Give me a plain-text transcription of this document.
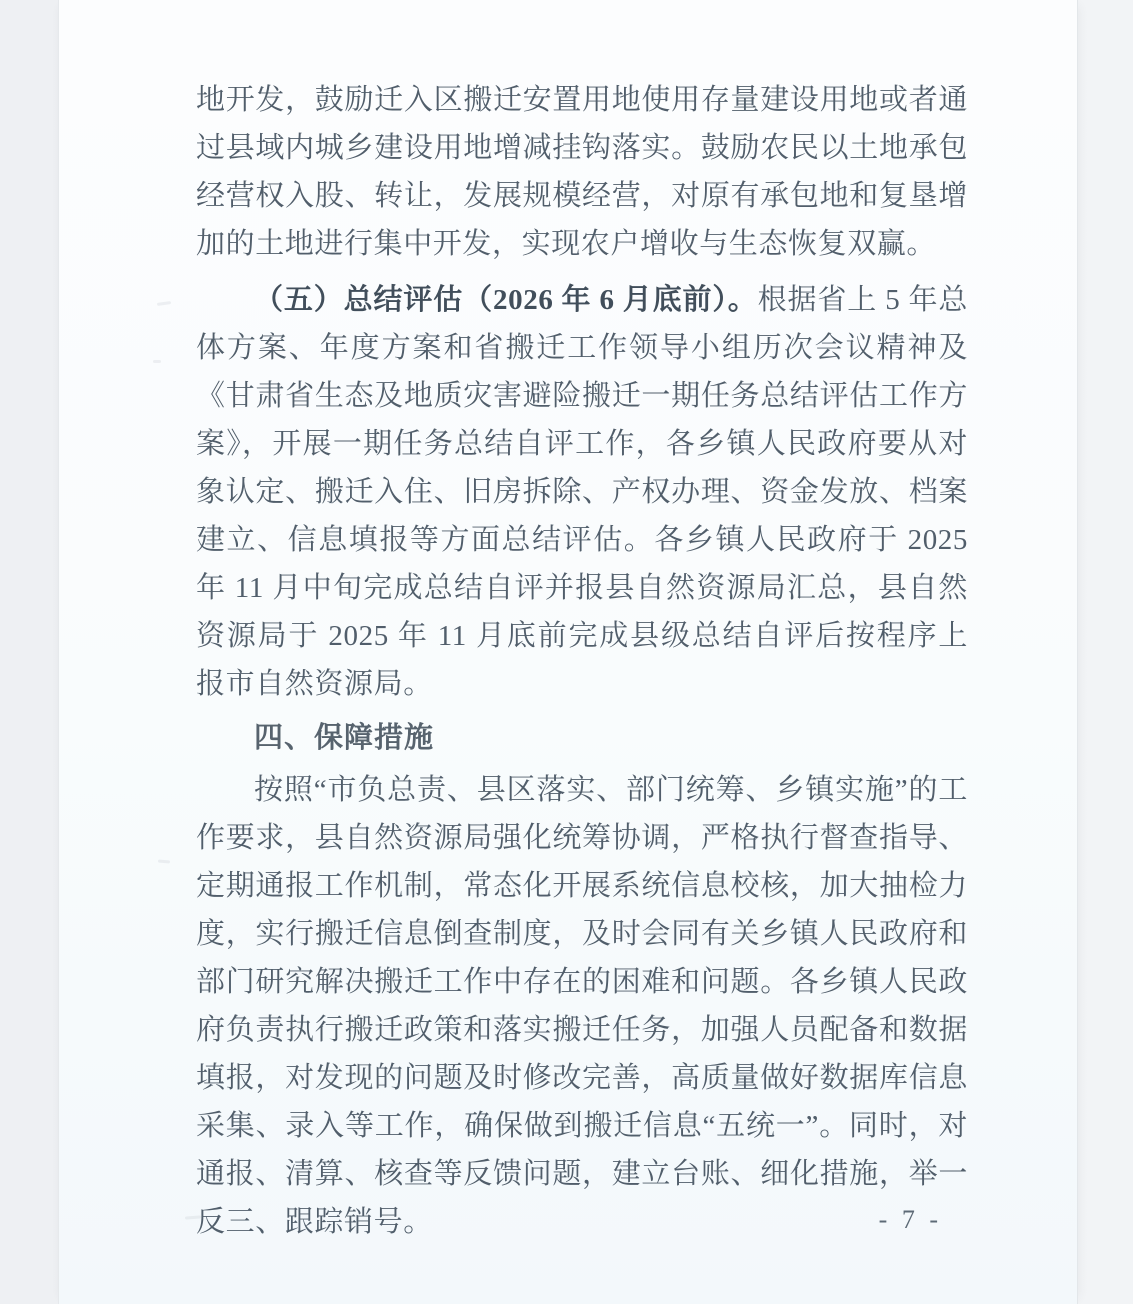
地开发，鼓励迁入区搬迁安置用地使用存量建设用地或者通过县域内城乡建设用地增减挂钩落实。鼓励农民以土地承包经营权入股、转让，发展规模经营，对原有承包地和复垦增加的土地进行集中开发，实现农户增收与生态恢复双赢。

（五）总结评估（2026 年 6 月底前）。根据省上 5 年总体方案、年度方案和省搬迁工作领导小组历次会议精神及《甘肃省生态及地质灾害避险搬迁一期任务总结评估工作方案》，开展一期任务总结自评工作，各乡镇人民政府要从对象认定、搬迁入住、旧房拆除、产权办理、资金发放、档案建立、信息填报等方面总结评估。各乡镇人民政府于 2025 年 11 月中旬完成总结自评并报县自然资源局汇总，县自然资源局于 2025 年 11 月底前完成县级总结自评后按程序上报市自然资源局。

四、保障措施

按照“市负总责、县区落实、部门统筹、乡镇实施”的工作要求，县自然资源局强化统筹协调，严格执行督查指导、定期通报工作机制，常态化开展系统信息校核，加大抽检力度，实行搬迁信息倒查制度，及时会同有关乡镇人民政府和部门研究解决搬迁工作中存在的困难和问题。各乡镇人民政府负责执行搬迁政策和落实搬迁任务，加强人员配备和数据填报，对发现的问题及时修改完善，高质量做好数据库信息采集、录入等工作，确保做到搬迁信息“五统一”。同时，对通报、清算、核查等反馈问题，建立台账、细化措施，举一反三、跟踪销号。	- 7 -
